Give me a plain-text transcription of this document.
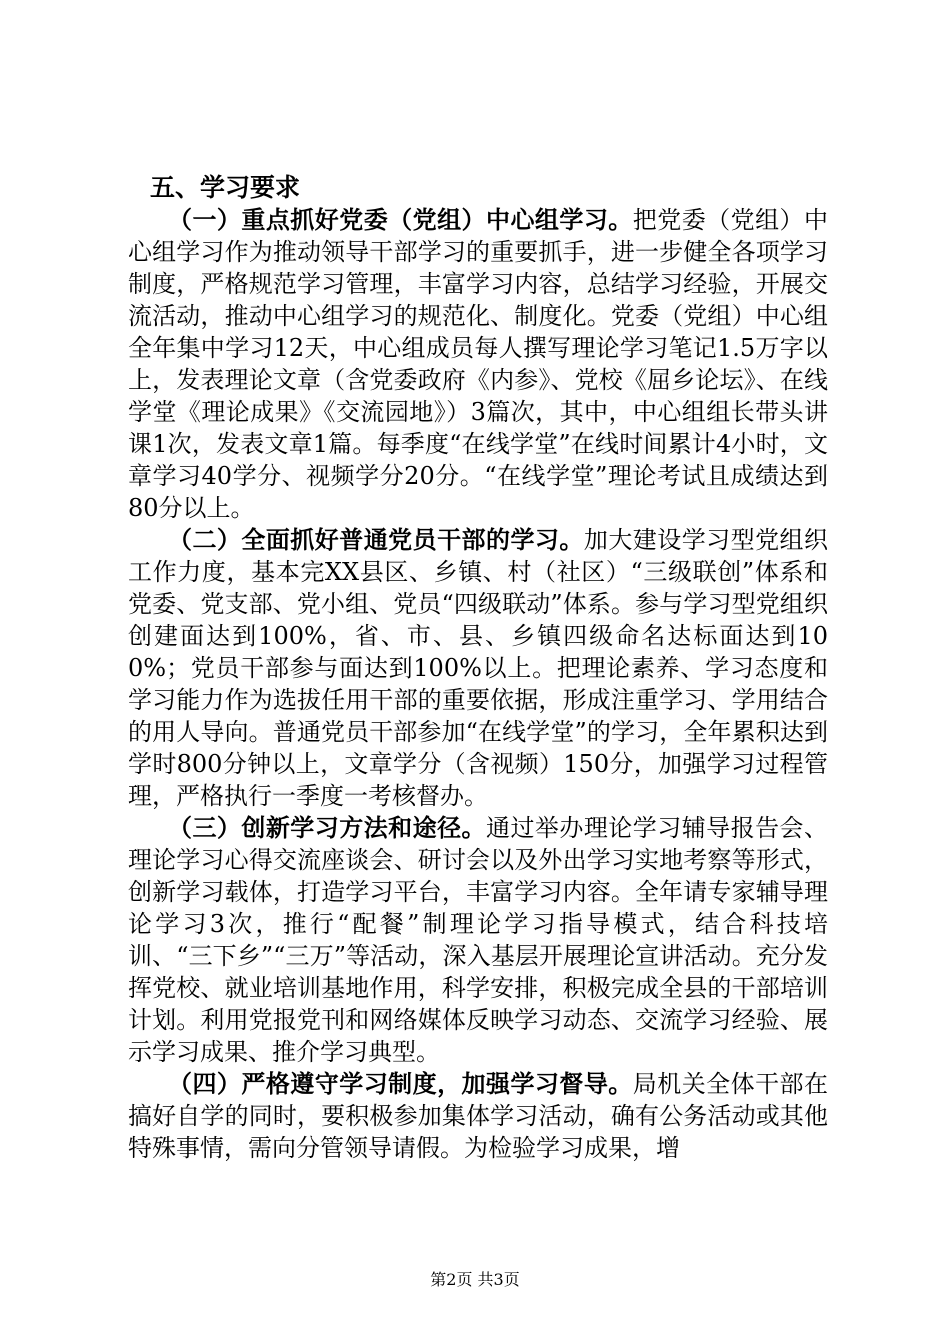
五、学习要求

（一）重点抓好党委（党组）中心组学习。把党委（党组）中心组学习作为推动领导干部学习的重要抓手，进一步健全各项学习制度，严格规范学习管理，丰富学习内容，总结学习经验，开展交流活动，推动中心组学习的规范化、制度化。党委（党组）中心组全年集中学习12天，中心组成员每人撰写理论学习笔记1.5万字以上，发表理论文章（含党委政府《内参》、党校《屈乡论坛》、在线学堂《理论成果》《交流园地》）3篇次，其中，中心组组长带头讲课1次，发表文章1篇。每季度“在线学堂”在线时间累计4小时，文章学习40学分、视频学分20分。“在线学堂”理论考试且成绩达到80分以上。

（二）全面抓好普通党员干部的学习。加大建设学习型党组织工作力度，基本完XX县区、乡镇、村（社区）“三级联创”体系和党委、党支部、党小组、党员“四级联动”体系。参与学习型党组织创建面达到100%，省、市、县、乡镇四级命名达标面达到100%；党员干部参与面达到100%以上。把理论素养、学习态度和学习能力作为选拔任用干部的重要依据，形成注重学习、学用结合的用人导向。普通党员干部参加“在线学堂”的学习，全年累积达到学时800分钟以上，文章学分（含视频）150分，加强学习过程管理，严格执行一季度一考核督办。

（三）创新学习方法和途径。通过举办理论学习辅导报告会、理论学习心得交流座谈会、研讨会以及外出学习实地考察等形式，创新学习载体，打造学习平台，丰富学习内容。全年请专家辅导理论学习3次，推行“配餐”制理论学习指导模式，结合科技培训、“三下乡”“三万”等活动，深入基层开展理论宣讲活动。充分发挥党校、就业培训基地作用，科学安排，积极完成全县的干部培训计划。利用党报党刊和网络媒体反映学习动态、交流学习经验、展示学习成果、推介学习典型。

（四）严格遵守学习制度，加强学习督导。局机关全体干部在搞好自学的同时，要积极参加集体学习活动，确有公务活动或其他特殊事情，需向分管领导请假。为检验学习成果，增

第2页 共3页
